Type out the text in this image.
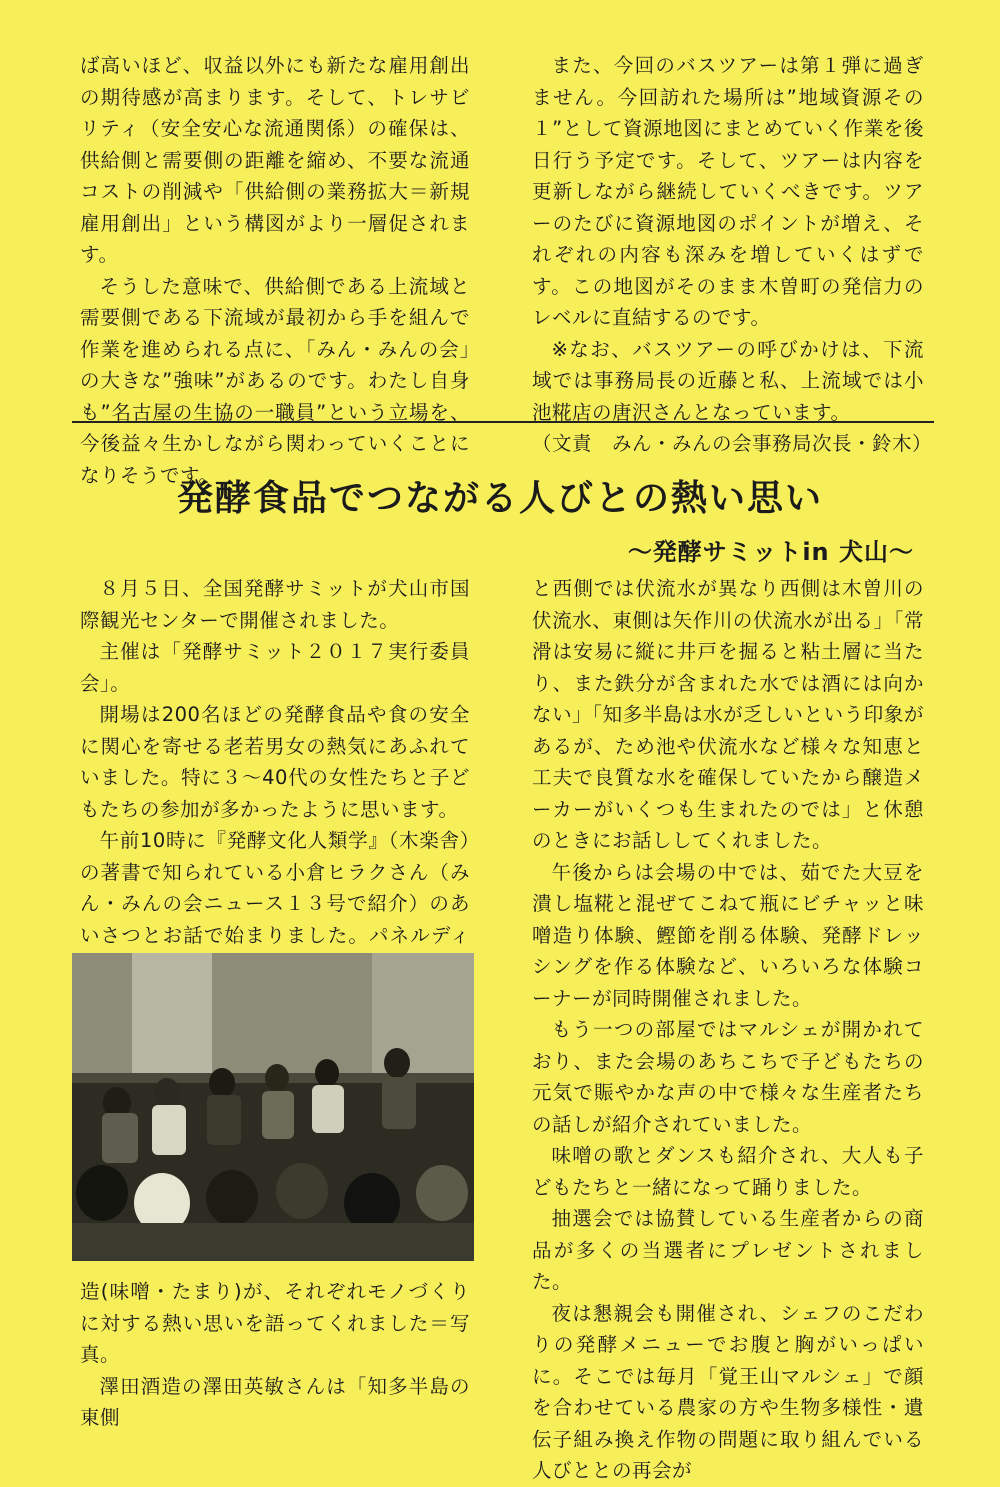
ば高いほど、収益以外にも新たな雇用創出の期待感が高まります。そして、トレサビリティ（安全安心な流通関係）の確保は、供給側と需要側の距離を縮め、不要な流通コストの削減や「供給側の業務拡大＝新規雇用創出」という構図がより一層促されます。

そうした意味で、供給側である上流域と需要側である下流域が最初から手を組んで作業を進められる点に、「みん・みんの会」の大きな”強味”があるのです。わたし自身も”名古屋の生協の一職員”という立場を、今後益々生かしながら関わっていくことになりそうです。

また、今回のバスツアーは第１弾に過ぎません。今回訪れた場所は”地域資源その１”として資源地図にまとめていく作業を後日行う予定です。そして、ツアーは内容を更新しながら継続していくべきです。ツアーのたびに資源地図のポイントが増え、それぞれの内容も深みを増していくはずです。この地図がそのまま木曽町の発信力のレベルに直結するのです。

※なお、バスツアーの呼びかけは、下流域では事務局長の近藤と私、上流域では小池糀店の唐沢さんとなっています。

（文責　みん・みんの会事務局次長・鈴木）

発酵食品でつながる人びとの熱い思い
～発酵サミットin 犬山～

８月５日、全国発酵サミットが犬山市国際観光センターで開催されました。

主催は「発酵サミット２０１７実行委員会」。

開場は200名ほどの発酵食品や食の安全に関心を寄せる老若男女の熱気にあふれていました。特に３～40代の女性たちと子どもたちの参加が多かったように思います。

午前10時に『発酵文化人類学』（木楽舎）の著書で知られている小倉ヒラクさん（みん・みんの会ニュース１３号で紹介）のあいさつとお話で始まりました。パネルディ

造(味噌・たまり)が、それぞれモノづくりに対する熱い思いを語ってくれました＝写真。

澤田酒造の澤田英敏さんは「知多半島の東側

と西側では伏流水が異なり西側は木曽川の伏流水、東側は矢作川の伏流水が出る」「常滑は安易に縦に井戸を掘ると粘土層に当たり、また鉄分が含まれた水では酒には向かない」「知多半島は水が乏しいという印象があるが、ため池や伏流水など様々な知恵と工夫で良質な水を確保していたから醸造メーカーがいくつも生まれたのでは」と休憩のときにお話ししてくれました。

午後からは会場の中では、茹でた大豆を潰し塩糀と混ぜてこねて瓶にビチャッと味噌造り体験、鰹節を削る体験、発酵ドレッシングを作る体験など、いろいろな体験コーナーが同時開催されました。

もう一つの部屋ではマルシェが開かれており、また会場のあちこちで子どもたちの元気で賑やかな声の中で様々な生産者たちの話しが紹介されていました。

味噌の歌とダンスも紹介され、大人も子どもたちと一緒になって踊りました。

抽選会では協賛している生産者からの商品が多くの当選者にプレゼントされました。

夜は懇親会も開催され、シェフのこだわりの発酵メニューでお腹と胸がいっぱいに。そこでは毎月「覚王山マルシェ」で顔を合わせている農家の方や生物多様性・遺伝子組み換え作物の問題に取り組んでいる人びととの再会が
